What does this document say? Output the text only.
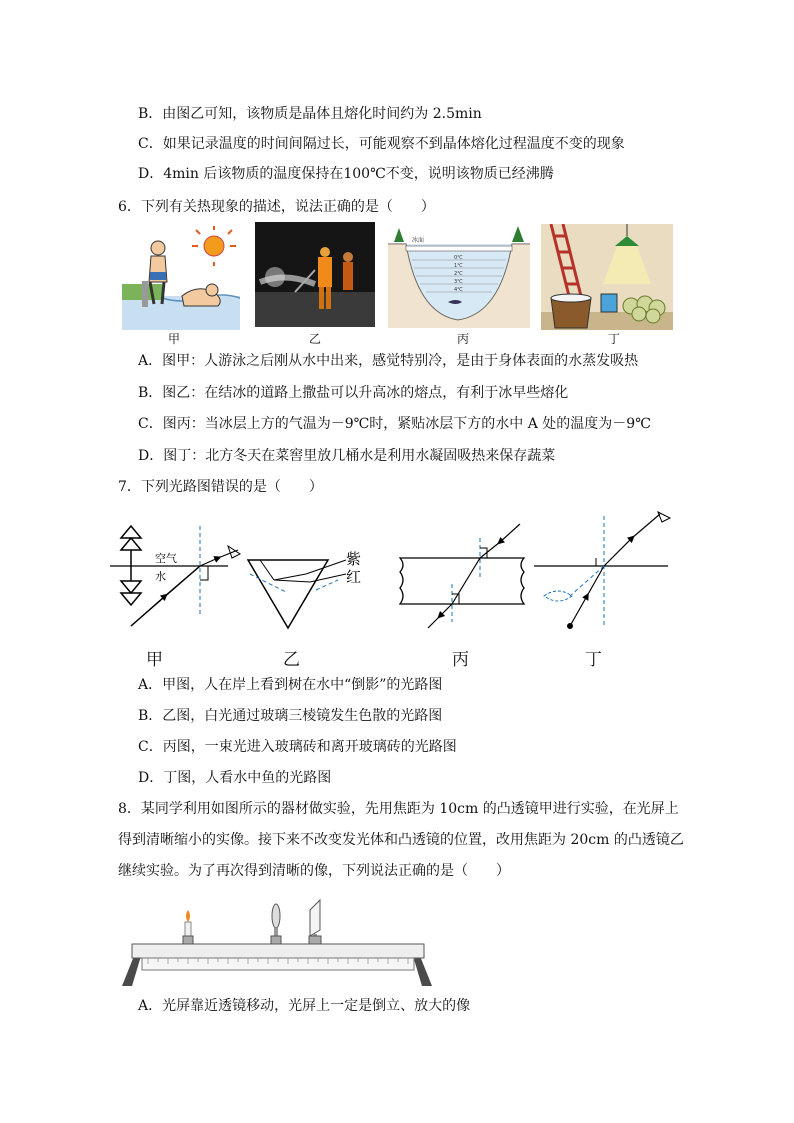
B．由图乙可知，该物质是晶体且熔化时间约为 2.5min
C．如果记录温度的时间间隔过长，可能观察不到晶体熔化过程温度不变的现象
D．4min 后该物质的温度保持在100℃不变，说明该物质已经沸腾
6．下列有关热现象的描述，说法正确的是（　　）
甲	乙
冰面
0℃
1℃
2℃
3℃
4℃
丙	丁
A．图甲：人游泳之后刚从水中出来，感觉特别冷，是由于身体表面的水蒸发吸热
B．图乙：在结冰的道路上撒盐可以升高冰的熔点，有利于冰早些熔化
C．图丙：当冰层上方的气温为－9℃时，紧贴冰层下方的水中 A 处的温度为－9℃
D．图丁：北方冬天在菜窖里放几桶水是利用水凝固吸热来保存蔬菜
7．下列光路图错误的是（　　）
空气
水
紫
红
甲	乙	丙	丁
A．甲图，人在岸上看到树在水中“倒影”的光路图
B．乙图，白光通过玻璃三棱镜发生色散的光路图
C．丙图，一束光进入玻璃砖和离开玻璃砖的光路图
D．丁图，人看水中鱼的光路图
8．某同学利用如图所示的器材做实验，先用焦距为 10cm 的凸透镜甲进行实验，在光屏上
得到清晰缩小的实像。接下来不改变发光体和凸透镜的位置，改用焦距为 20cm 的凸透镜乙
继续实验。为了再次得到清晰的像，下列说法正确的是（　　）
A．光屏靠近透镜移动，光屏上一定是倒立、放大的像
